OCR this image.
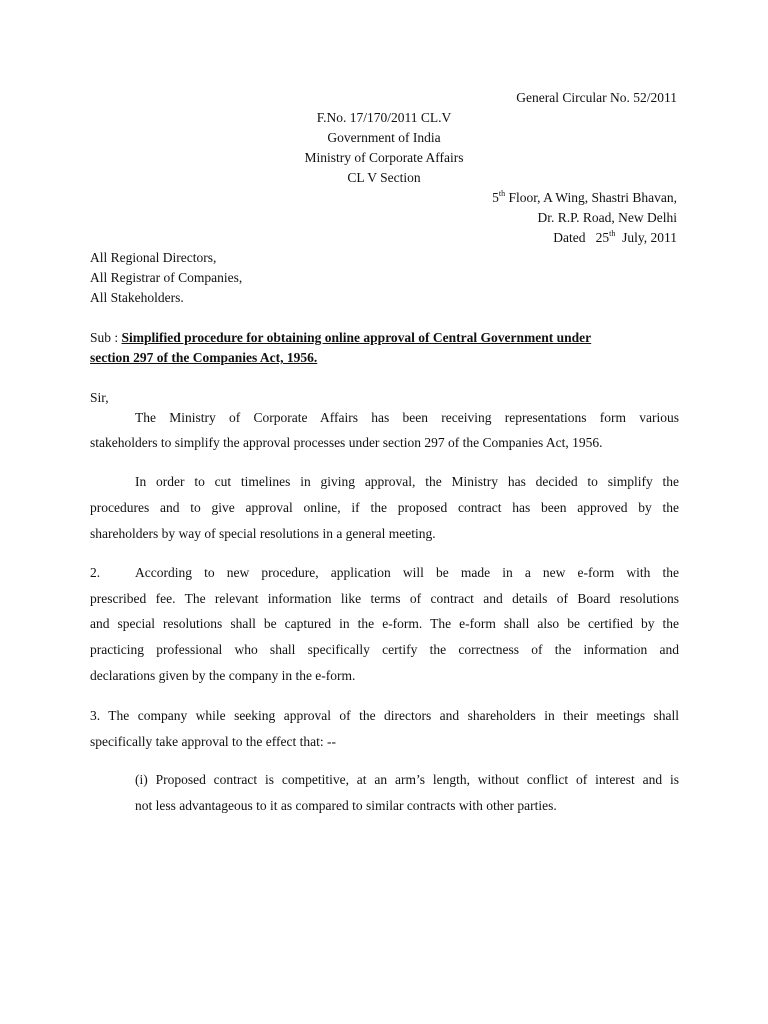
General Circular No. 52/2011
F.No. 17/170/2011 CL.V
Government of India
Ministry of Corporate Affairs
CL V Section
5th Floor, A Wing, Shastri Bhavan,
Dr. R.P. Road, New Delhi
Dated   25th  July, 2011
All Regional Directors,
All Registrar of Companies,
All Stakeholders.
Sub : Simplified procedure for obtaining online approval of Central Government under
section 297 of the Companies Act, 1956.
Sir,
The Ministry of Corporate Affairs has been receiving representations form various
stakeholders to simplify the approval processes under section 297 of the Companies Act, 1956.
In order to cut timelines in giving approval, the Ministry has decided to simplify the
procedures and to give approval online, if the proposed contract has been approved by the
shareholders by way of special resolutions in a general meeting.
2.	According to new procedure, application will be made in a new e-form with the
prescribed fee. The relevant information like terms of contract and details of Board resolutions
and special resolutions shall be captured in the e-form. The e-form shall also be certified by the
practicing professional who shall specifically certify the correctness of the information and
declarations given by the company in the e-form.
3. The company while seeking approval of the directors and shareholders in their meetings shall
specifically take approval to the effect that: --
(i) Proposed contract is competitive, at an arm’s length, without conflict of interest and is
not less advantageous to it as compared to similar contracts with other parties.
